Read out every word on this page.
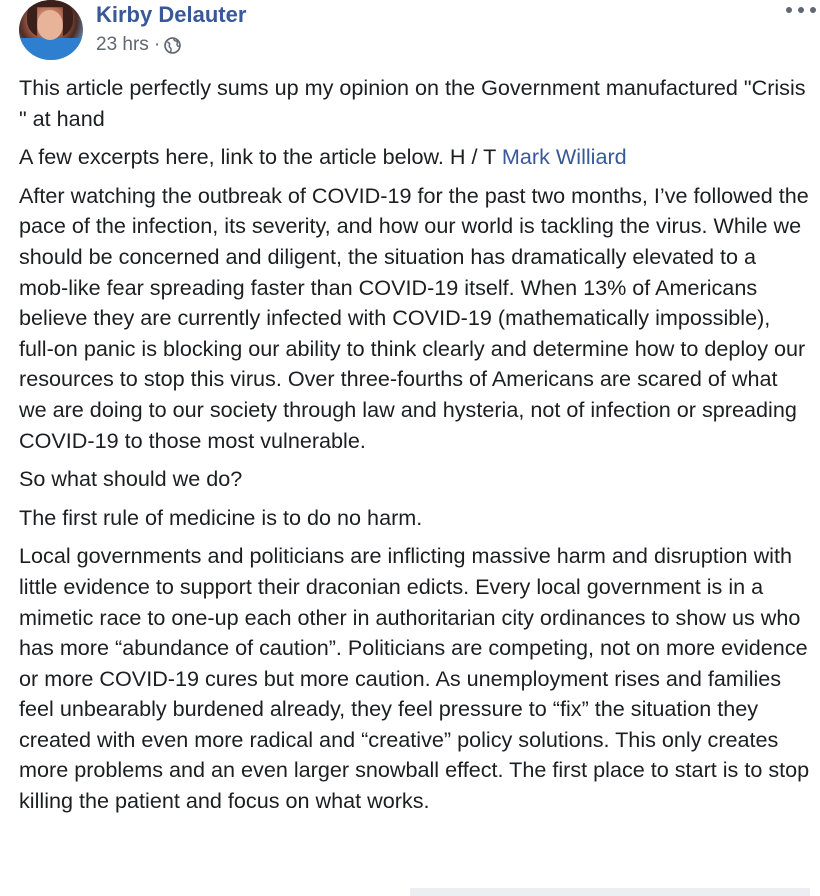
Kirby Delauter
23 hrs ·

This article perfectly sums up my opinion on the Government manufactured "Crisis " at hand

A few excerpts here, link to the article below. H / T Mark Williard

After watching the outbreak of COVID-19 for the past two months, I’ve followed the pace of the infection, its severity, and how our world is tackling the virus. While we should be concerned and diligent, the situation has dramatically elevated to a mob-like fear spreading faster than COVID-19 itself. When 13% of Americans believe they are currently infected with COVID-19 (mathematically impossible), full-on panic is blocking our ability to think clearly and determine how to deploy our resources to stop this virus. Over three-fourths of Americans are scared of what we are doing to our society through law and hysteria, not of infection or spreading COVID-19 to those most vulnerable.

So what should we do?

The first rule of medicine is to do no harm.

Local governments and politicians are inflicting massive harm and disruption with little evidence to support their draconian edicts. Every local government is in a mimetic race to one-up each other in authoritarian city ordinances to show us who has more “abundance of caution”. Politicians are competing, not on more evidence or more COVID-19 cures but more caution. As unemployment rises and families feel unbearably burdened already, they feel pressure to “fix” the situation they created with even more radical and “creative” policy solutions. This only creates more problems and an even larger snowball effect. The first place to start is to stop killing the patient and focus on what works.
